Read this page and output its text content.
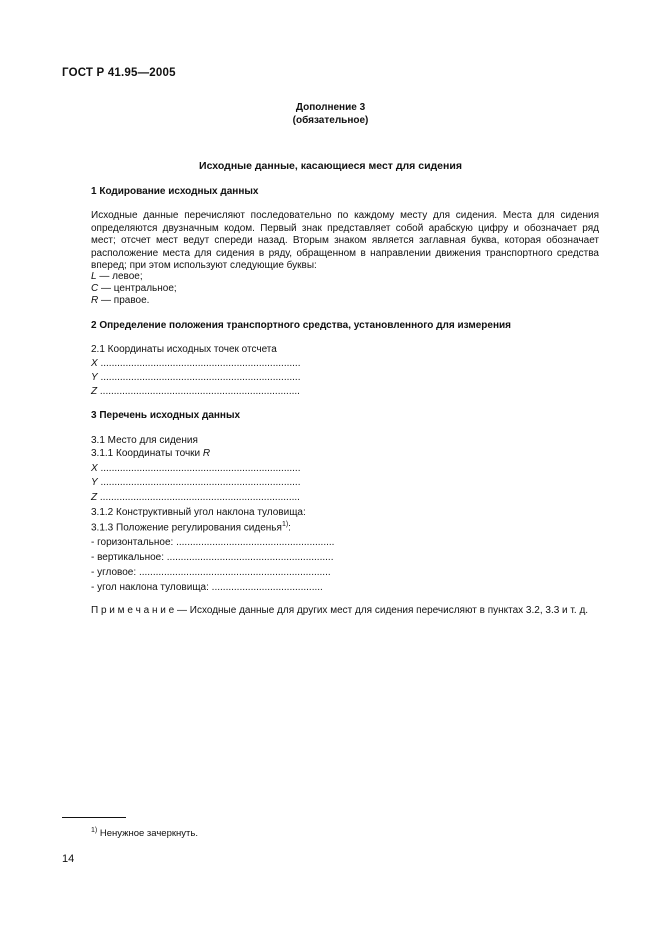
ГОСТ Р 41.95—2005
Дополнение 3
(обязательное)
Исходные данные, касающиеся мест для сидения
1 Кодирование исходных данных
Исходные данные перечисляют последовательно по каждому месту для сидения. Места для сидения определяются двузначным кодом. Первый знак представляет собой арабскую цифру и обозначает ряд мест; отсчет мест ведут спереди назад. Вторым знаком является заглавная буква, которая обозначает расположение места для сидения в ряду, обращенном в направлении движения транспортного средства вперед; при этом используют следующие буквы:
L — левое;
C — центральное;
R — правое.
2 Определение положения транспортного средства, установленного для измерения
2.1 Координаты исходных точек отсчета
X ........................................................................
Y ........................................................................
Z ........................................................................
3 Перечень исходных данных
3.1 Место для сидения
3.1.1 Координаты точки R
X ........................................................................
Y ........................................................................
Z ........................................................................
3.1.2 Конструктивный угол наклона туловища:
3.1.3 Положение регулирования сиденья$^{1)}$:
- горизонтальное: .........................................................
- вертикальное: ............................................................
- угловое: .....................................................................
- угол наклона туловища: ........................................
П р и м е ч а н и е — Исходные данные для других мест для сидения перечисляют в пунктах 3.2, 3.3 и т. д.
$^{1)}$ Ненужное зачеркнуть.
14
